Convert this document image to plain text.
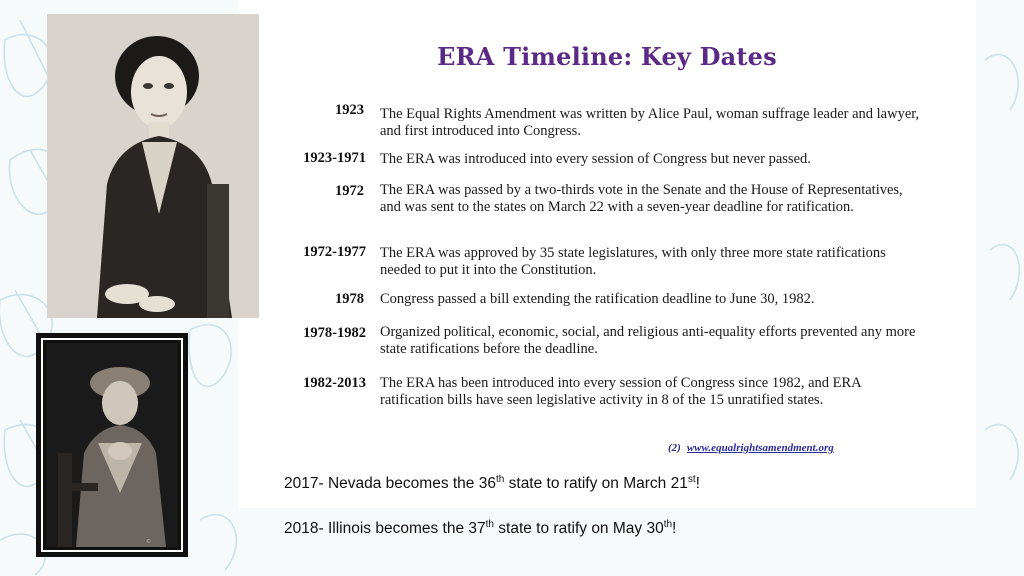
©
ERA Timeline: Key Dates
1923 The Equal Rights Amendment was written by Alice Paul, woman suffrage leader and lawyer, and first introduced into Congress.
1923-1971 The ERA was introduced into every session of Congress but never passed.
1972 The ERA was passed by a two-thirds vote in the Senate and the House of Representatives, and was sent to the states on March 22 with a seven-year deadline for ratification.
1972-1977 The ERA was approved by 35 state legislatures, with only three more state ratifications needed to put it into the Constitution.
1978 Congress passed a bill extending the ratification deadline to June 30, 1982.
1978-1982 Organized political, economic, social, and religious anti-equality efforts prevented any more state ratifications before the deadline.
1982-2013 The ERA has been introduced into every session of Congress since 1982, and ERA ratification bills have seen legislative activity in 8 of the 15 unratified states.
(2) www.equalrightsamendment.org
2017- Nevada becomes the 36th state to ratify on March 21st!
2018- Illinois becomes the 37th state to ratify on May 30th!
